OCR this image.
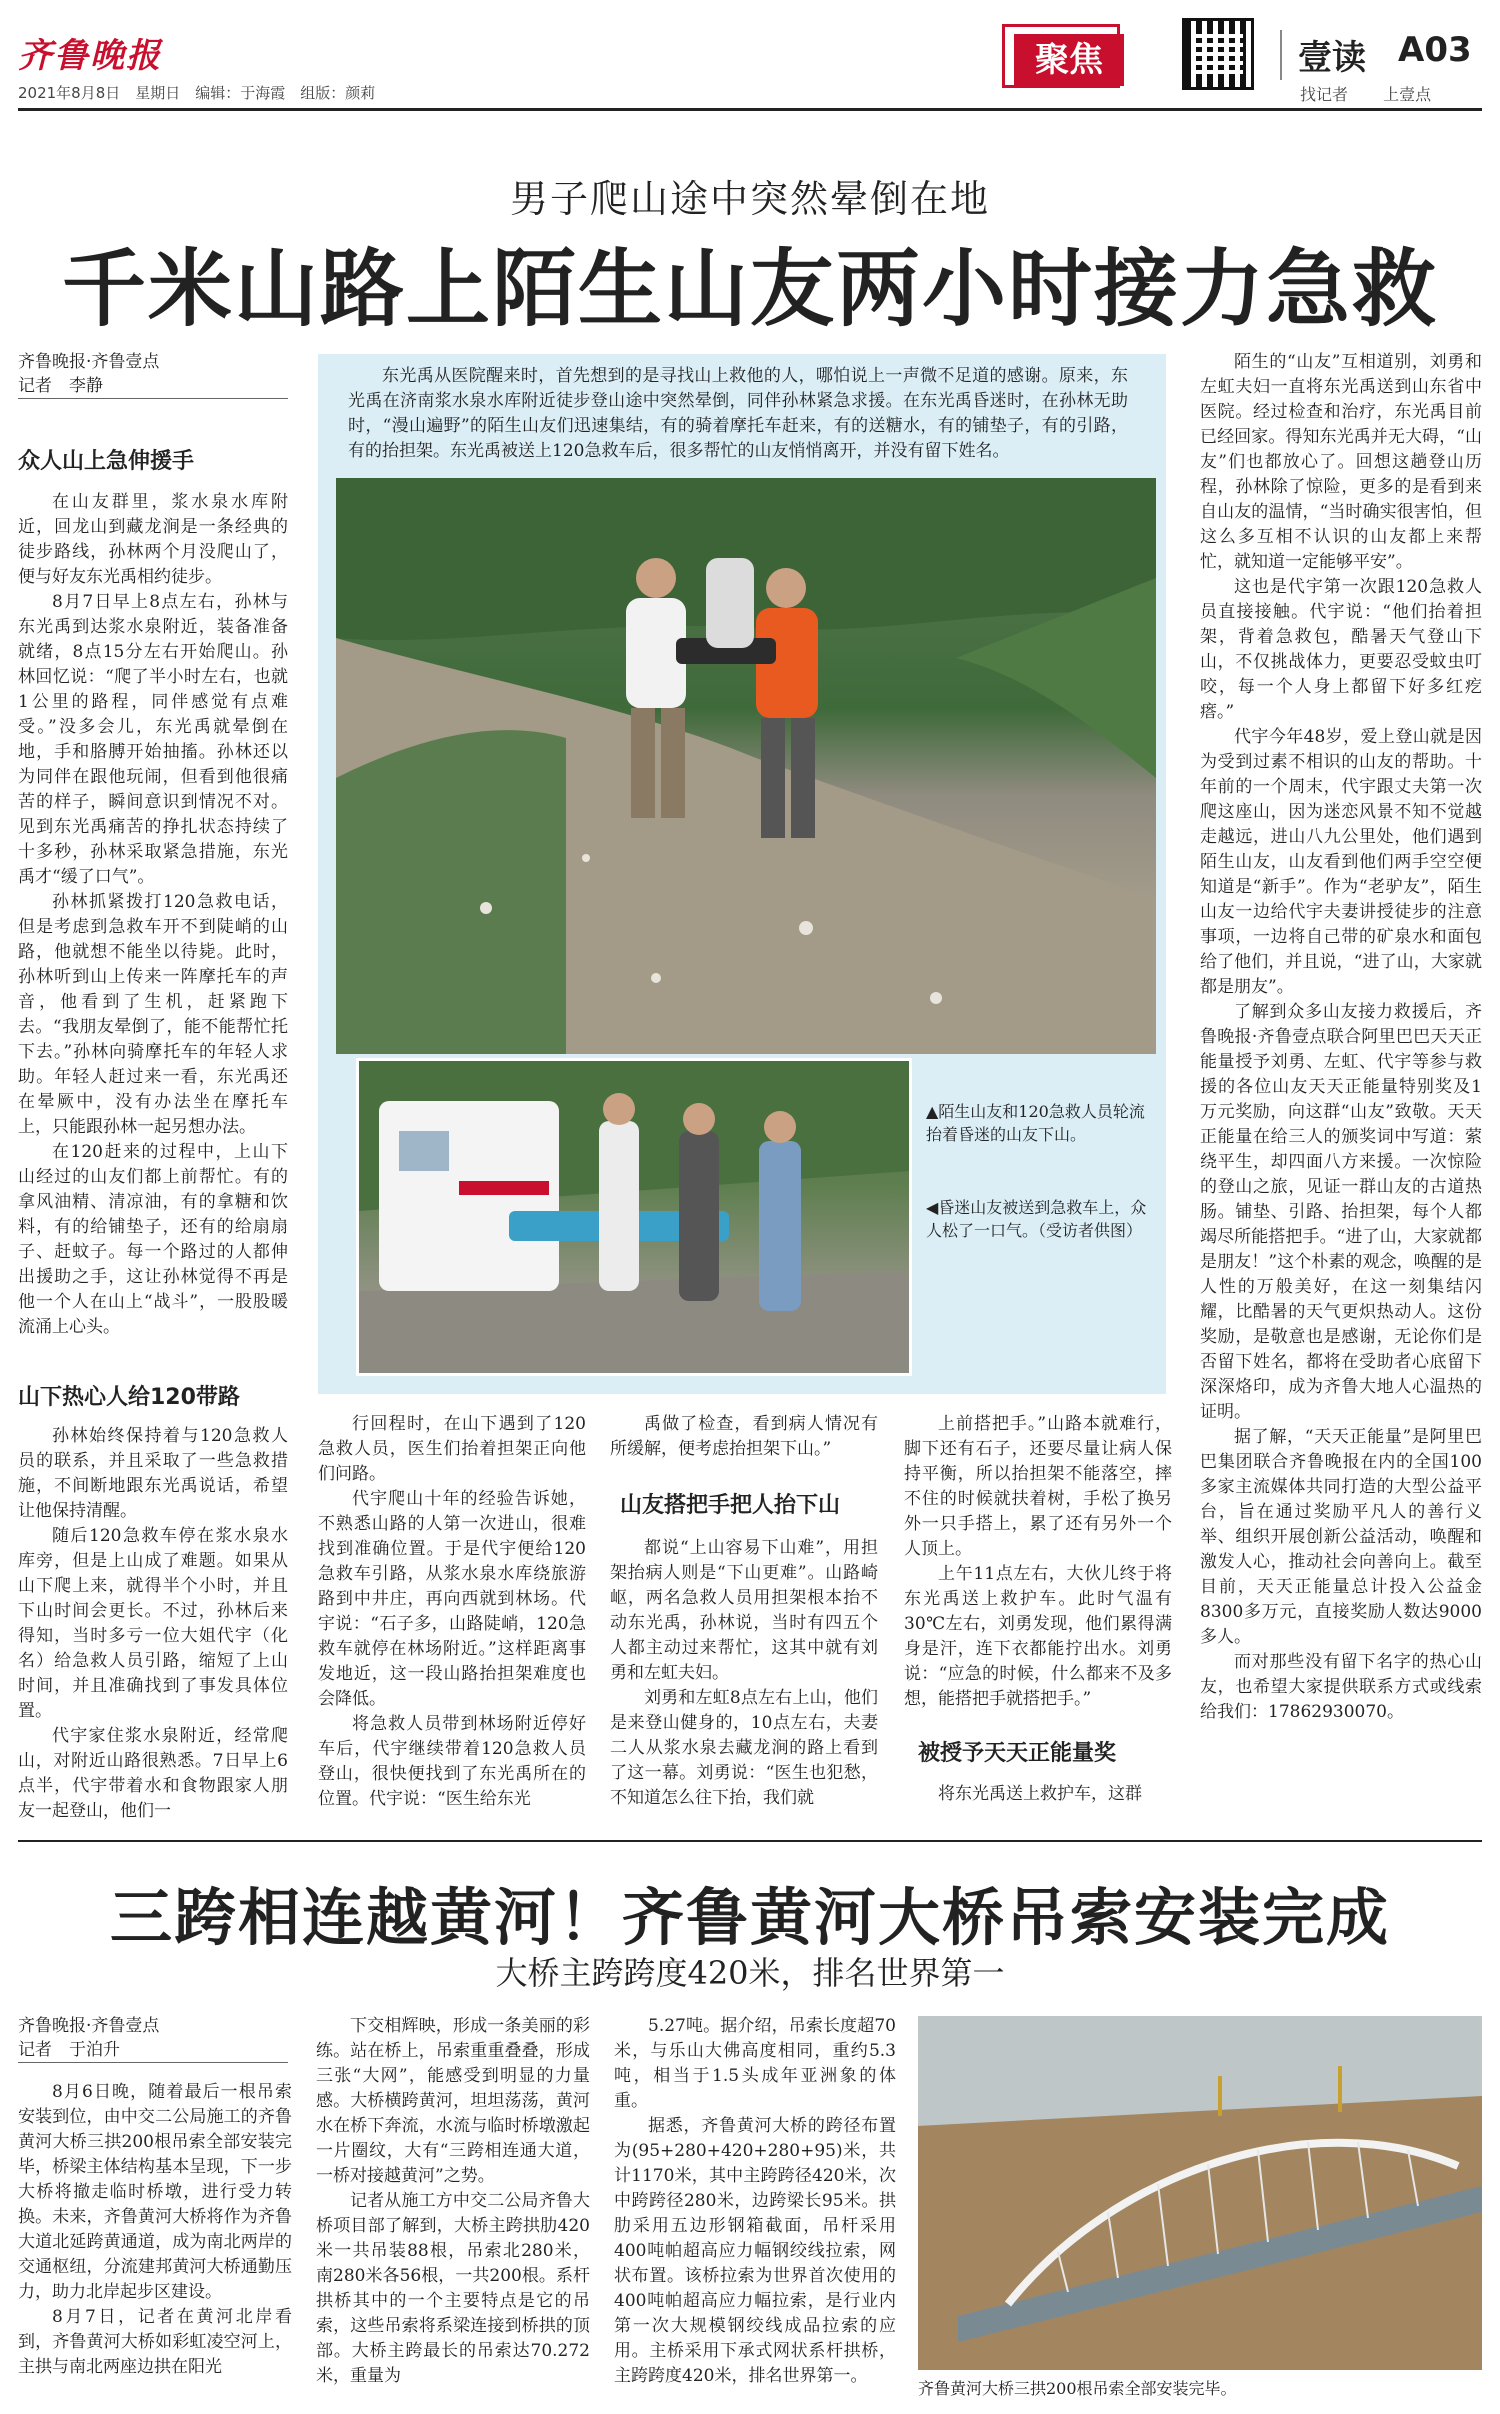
齐鲁晚报
2021年8月8日　星期日　编辑：于海霞　组版：颜莉
聚焦	壹读 A03
找记者 上壹点
男子爬山途中突然晕倒在地
千米山路上陌生山友两小时接力急救
齐鲁晚报·齐鲁壹点
记者　李静
众人山上急伸援手

在山友群里，浆水泉水库附近，回龙山到藏龙涧是一条经典的徒步路线，孙林两个月没爬山了，便与好友东光禹相约徒步。

8月7日早上8点左右，孙林与东光禹到达浆水泉附近，装备准备就绪，8点15分左右开始爬山。孙林回忆说：“爬了半小时左右，也就1公里的路程，同伴感觉有点难受。”没多会儿，东光禹就晕倒在地，手和胳膊开始抽搐。孙林还以为同伴在跟他玩闹，但看到他很痛苦的样子，瞬间意识到情况不对。见到东光禹痛苦的挣扎状态持续了十多秒，孙林采取紧急措施，东光禹才“缓了口气”。

孙林抓紧拨打120急救电话，但是考虑到急救车开不到陡峭的山路，他就想不能坐以待毙。此时，孙林听到山上传来一阵摩托车的声音，他看到了生机，赶紧跑下去。“我朋友晕倒了，能不能帮忙托下去。”孙林向骑摩托车的年轻人求助。年轻人赶过来一看，东光禹还在晕厥中，没有办法坐在摩托车上，只能跟孙林一起另想办法。

在120赶来的过程中，上山下山经过的山友们都上前帮忙。有的拿风油精、清凉油，有的拿糖和饮料，有的给铺垫子，还有的给扇扇子、赶蚊子。每一个路过的人都伸出援助之手，这让孙林觉得不再是他一个人在山上“战斗”，一股股暖流涌上心头。

山下热心人给120带路

孙林始终保持着与120急救人员的联系，并且采取了一些急救措施，不间断地跟东光禹说话，希望让他保持清醒。

随后120急救车停在浆水泉水库旁，但是上山成了难题。如果从山下爬上来，就得半个小时，并且下山时间会更长。不过，孙林后来得知，当时多亏一位大姐代宇（化名）给急救人员引路，缩短了上山时间，并且准确找到了事发具体位置。

代宇家住浆水泉附近，经常爬山，对附近山路很熟悉。7日早上6点半，代宇带着水和食物跟家人朋友一起登山，他们一

东光禹从医院醒来时，首先想到的是寻找山上救他的人，哪怕说上一声微不足道的感谢。原来，东光禹在济南浆水泉水库附近徒步登山途中突然晕倒，同伴孙林紧急求援。在东光禹昏迷时，在孙林无助时，“漫山遍野”的陌生山友们迅速集结，有的骑着摩托车赶来，有的送糖水，有的铺垫子，有的引路，有的抬担架。东光禹被送上120急救车后，很多帮忙的山友悄悄离开，并没有留下姓名。
▲陌生山友和120急救人员轮流抬着昏迷的山友下山。
◀昏迷山友被送到急救车上，众人松了一口气。（受访者供图）

行回程时，在山下遇到了120急救人员，医生们抬着担架正向他们问路。

代宇爬山十年的经验告诉她，不熟悉山路的人第一次进山，很难找到准确位置。于是代宇便给120急救车引路，从浆水泉水库绕旅游路到中井庄，再向西就到林场。代宇说：“石子多，山路陡峭，120急救车就停在林场附近。”这样距离事发地近，这一段山路抬担架难度也会降低。

将急救人员带到林场附近停好车后，代宇继续带着120急救人员登山，很快便找到了东光禹所在的位置。代宇说：“医生给东光

禹做了检查，看到病人情况有所缓解，便考虑抬担架下山。”

山友搭把手把人抬下山

都说“上山容易下山难”，用担架抬病人则是“下山更难”。山路崎岖，两名急救人员用担架根本抬不动东光禹，孙林说，当时有四五个人都主动过来帮忙，这其中就有刘勇和左虹夫妇。

刘勇和左虹8点左右上山，他们是来登山健身的，10点左右，夫妻二人从浆水泉去藏龙涧的路上看到了这一幕。刘勇说：“医生也犯愁，不知道怎么往下抬，我们就

上前搭把手。”山路本就难行，脚下还有石子，还要尽量让病人保持平衡，所以抬担架不能落空，摔不住的时候就扶着树，手松了换另外一只手搭上，累了还有另外一个人顶上。

上午11点左右，大伙儿终于将东光禹送上救护车。此时气温有30℃左右，刘勇发现，他们累得满身是汗，连下衣都能拧出水。刘勇说：“应急的时候，什么都来不及多想，能搭把手就搭把手。”

被授予天天正能量奖

将东光禹送上救护车，这群

陌生的“山友”互相道别，刘勇和左虹夫妇一直将东光禹送到山东省中医院。经过检查和治疗，东光禹目前已经回家。得知东光禹并无大碍，“山友”们也都放心了。回想这趟登山历程，孙林除了惊险，更多的是看到来自山友的温情，“当时确实很害怕，但这么多互相不认识的山友都上来帮忙，就知道一定能够平安”。

这也是代宇第一次跟120急救人员直接接触。代宇说：“他们抬着担架，背着急救包，酷暑天气登山下山，不仅挑战体力，更要忍受蚊虫叮咬，每一个人身上都留下好多红疙瘩。”

代宇今年48岁，爱上登山就是因为受到过素不相识的山友的帮助。十年前的一个周末，代宇跟丈夫第一次爬这座山，因为迷恋风景不知不觉越走越远，进山八九公里处，他们遇到陌生山友，山友看到他们两手空空便知道是“新手”。作为“老驴友”，陌生山友一边给代宇夫妻讲授徒步的注意事项，一边将自己带的矿泉水和面包给了他们，并且说，“进了山，大家就都是朋友”。

了解到众多山友接力救援后，齐鲁晚报·齐鲁壹点联合阿里巴巴天天正能量授予刘勇、左虹、代宇等参与救援的各位山友天天正能量特别奖及1万元奖励，向这群“山友”致敬。天天正能量在给三人的颁奖词中写道：萦绕平生，却四面八方来援。一次惊险的登山之旅，见证一群山友的古道热肠。铺垫、引路、抬担架，每个人都竭尽所能搭把手。“进了山，大家就都是朋友！”这个朴素的观念，唤醒的是人性的万般美好，在这一刻集结闪耀，比酷暑的天气更炽热动人。这份奖励，是敬意也是感谢，无论你们是否留下姓名，都将在受助者心底留下深深烙印，成为齐鲁大地人心温热的证明。

据了解，“天天正能量”是阿里巴巴集团联合齐鲁晚报在内的全国100多家主流媒体共同打造的大型公益平台，旨在通过奖励平凡人的善行义举、组织开展创新公益活动，唤醒和激发人心，推动社会向善向上。截至目前，天天正能量总计投入公益金8300多万元，直接奖励人数达9000多人。

而对那些没有留下名字的热心山友，也希望大家提供联系方式或线索给我们：17862930070。

三跨相连越黄河！齐鲁黄河大桥吊索安装完成
大桥主跨跨度420米，排名世界第一
齐鲁晚报·齐鲁壹点
记者　于泊升

8月6日晚，随着最后一根吊索安装到位，由中交二公局施工的齐鲁黄河大桥三拱200根吊索全部安装完毕，桥梁主体结构基本呈现，下一步大桥将撤走临时桥墩，进行受力转换。未来，齐鲁黄河大桥将作为齐鲁大道北延跨黄通道，成为南北两岸的交通枢纽，分流建邦黄河大桥通勤压力，助力北岸起步区建设。

8月7日，记者在黄河北岸看到，齐鲁黄河大桥如彩虹凌空河上，主拱与南北两座边拱在阳光

下交相辉映，形成一条美丽的彩练。站在桥上，吊索重重叠叠，形成三张“大网”，能感受到明显的力量感。大桥横跨黄河，坦坦荡荡，黄河水在桥下奔流，水流与临时桥墩激起一片圈纹，大有“三跨相连通大道，一桥对接越黄河”之势。

记者从施工方中交二公局齐鲁大桥项目部了解到，大桥主跨拱肋420米一共吊装88根，吊索北280米，南280米各56根，一共200根。系杆拱桥其中的一个主要特点是它的吊索，这些吊索将系梁连接到桥拱的顶部。大桥主跨最长的吊索达70.272米，重量为

5.27吨。据介绍，吊索长度超70米，与乐山大佛高度相同，重约5.3吨，相当于1.5头成年亚洲象的体重。

据悉，齐鲁黄河大桥的跨径布置为(95+280+420+280+95)米，共计1170米，其中主跨跨径420米，次中跨跨径280米，边跨梁长95米。拱肋采用五边形钢箱截面，吊杆采用400吨帕超高应力幅钢绞线拉索，网状布置。该桥拉索为世界首次使用的400吨帕超高应力幅拉索，是行业内第一次大规模钢绞线成品拉索的应用。主桥采用下承式网状系杆拱桥，主跨跨度420米，排名世界第一。

齐鲁黄河大桥三拱200根吊索全部安装完毕。
